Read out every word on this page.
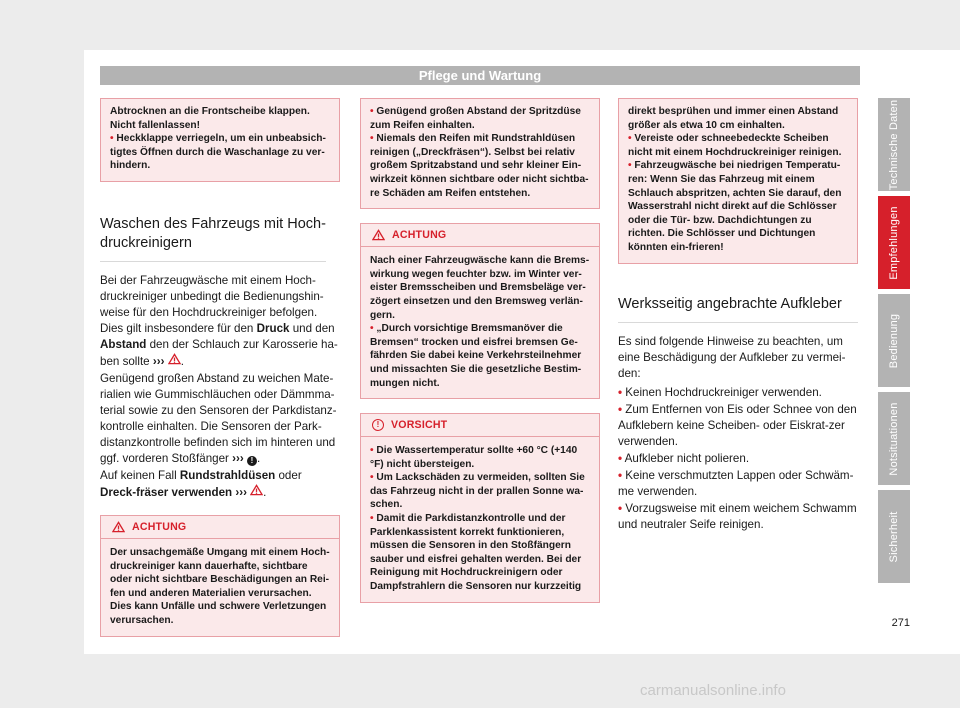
Pflege und Wartung

Abtrocknen an die Frontscheibe klappen.

Nicht fallenlassen!

• Heckklappe verriegeln, um ein unbeabsich-tigtes Öffnen durch die Waschanlage zu ver-hindern.

Waschen des Fahrzeugs mit Hoch-druckreinigern

Bei der Fahrzeugwäsche mit einem Hoch-druckreiniger unbedingt die Bedienungshin-weise für den Hochdruckreiniger befolgen. Dies gilt insbesondere für den Druck und den Abstand den der Schlauch zur Karosserie ha-ben sollte ››› .

Genügend großen Abstand zu weichen Mate-rialien wie Gummischläuchen oder Dämmma-terial sowie zu den Sensoren der Parkdistanz-kontrolle einhalten. Die Sensoren der Park-distanzkontrolle befinden sich im hinteren und ggf. vorderen Stoßfänger ››› ! .

Auf keinen Fall Rundstrahldüsen oder Dreck-fräser verwenden ››› .

ACHTUNG

Der unsachgemäße Umgang mit einem Hoch-druckreiniger kann dauerhafte, sichtbare oder nicht sichtbare Beschädigungen an Rei-fen und anderen Materialien verursachen. Dies kann Unfälle und schwere Verletzungen verursachen.

• Genügend großen Abstand der Spritzdüse zum Reifen einhalten.

• Niemals den Reifen mit Rundstrahldüsen reinigen („Dreckfräsen“). Selbst bei relativ großem Spritzabstand und sehr kleiner Ein-wirkzeit können sichtbare oder nicht sichtba-re Schäden am Reifen entstehen.

ACHTUNG

Nach einer Fahrzeugwäsche kann die Brems-wirkung wegen feuchter bzw. im Winter ver-eister Bremsscheiben und Bremsbeläge ver-zögert einsetzen und den Bremsweg verlän-gern.

• „Durch vorsichtige Bremsmanöver die Bremsen“ trocken und eisfrei bremsen Ge-fährden Sie dabei keine Verkehrsteilnehmer und missachten Sie die gesetzliche Bestim-mungen nicht.

!	VORSICHT

• Die Wassertemperatur sollte +60 °C (+140 °F) nicht übersteigen.

• Um Lackschäden zu vermeiden, sollten Sie das Fahrzeug nicht in der prallen Sonne wa-schen.

• Damit die Parkdistanzkontrolle und der Parklenkassistent korrekt funktionieren, müssen die Sensoren in den Stoßfängern sauber und eisfrei gehalten werden. Bei der Reinigung mit Hochdruckreinigern oder Dampfstrahlern die Sensoren nur kurzzeitig

direkt besprühen und immer einen Abstand größer als etwa 10 cm einhalten.

• Vereiste oder schneebedeckte Scheiben nicht mit einem Hochdruckreiniger reinigen.

• Fahrzeugwäsche bei niedrigen Temperatu-ren: Wenn Sie das Fahrzeug mit einem Schlauch abspritzen, achten Sie darauf, den Wasserstrahl nicht direkt auf die Schlösser oder die Tür- bzw. Dachdichtungen zu richten. Die Schlösser und Dichtungen könnten ein-frieren!

Werksseitig angebrachte Aufkleber

Es sind folgende Hinweise zu beachten, um eine Beschädigung der Aufkleber zu vermei-den:

• Keinen Hochdruckreiniger verwenden.

• Zum Entfernen von Eis oder Schnee von den Aufklebern keine Scheiben- oder Eiskrat-zer verwenden.

• Aufkleber nicht polieren.

• Keine verschmutzten Lappen oder Schwäm-me verwenden.

• Vorzugsweise mit einem weichem Schwamm und neutraler Seife reinigen.

Technische Daten
Empfehlungen
Bedienung
Notsituationen
Sicherheit
271
carmanualsonline.info
